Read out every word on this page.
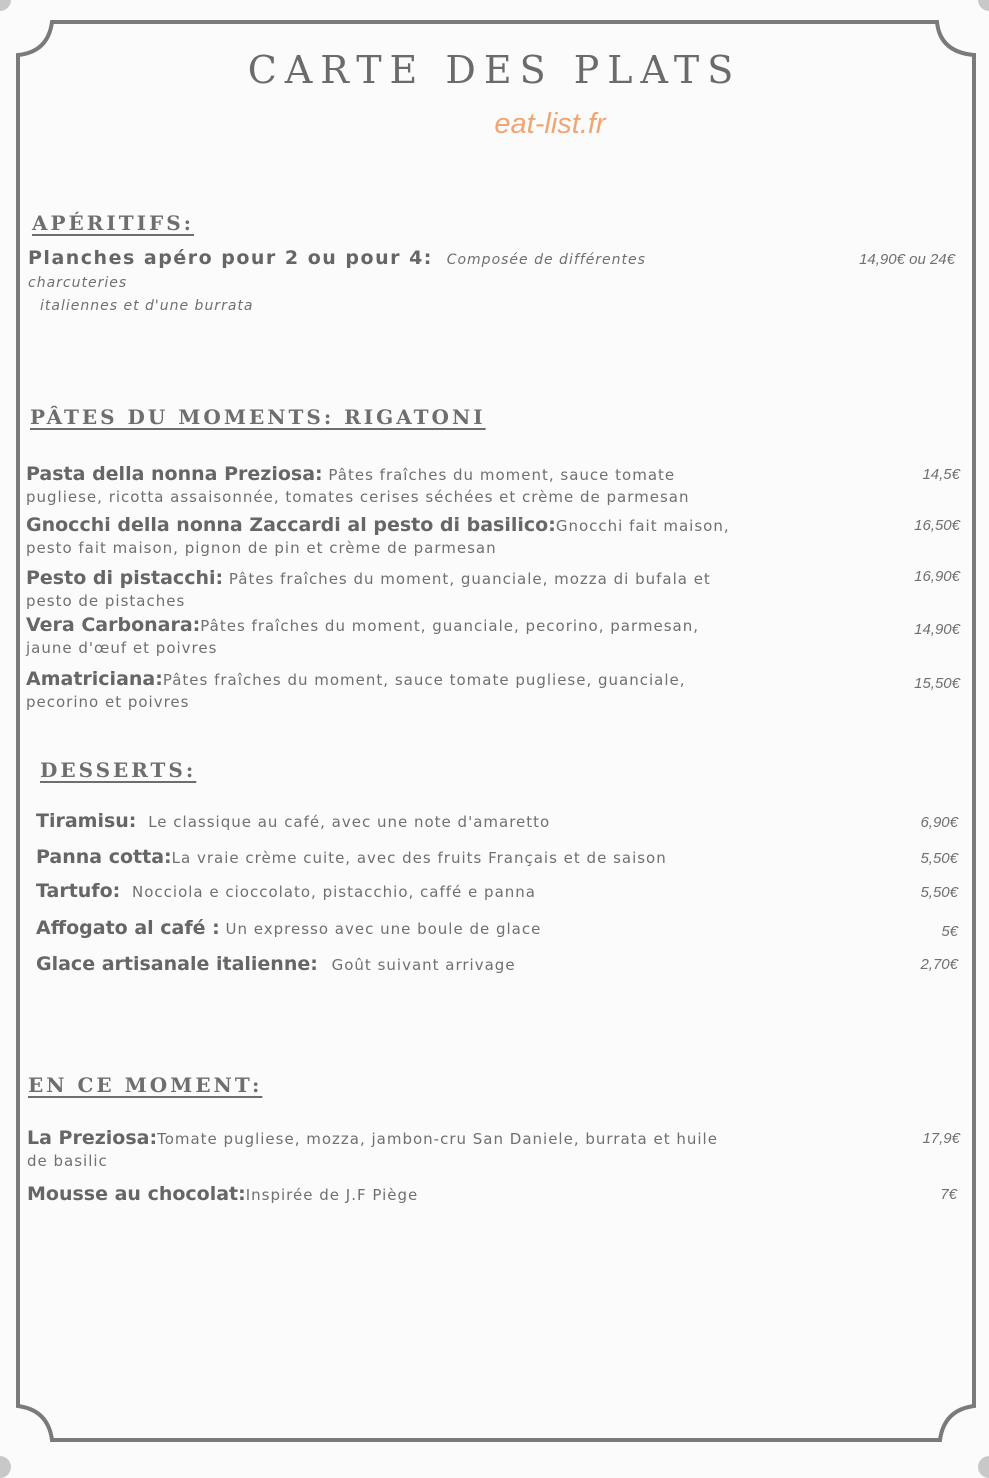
CARTE DES PLATS
eat-list.fr
APÉRITIFS:
Planches apéro pour 2 ou pour 4: Composée de différentes charcuteries
italiennes et d'une burrata
14,90€ ou 24€
PÂTES DU MOMENTS: RIGATONI
Pasta della nonna Preziosa: Pâtes fraîches du moment, sauce tomate
pugliese, ricotta assaisonnée, tomates cerises séchées et crème de parmesan
14,5€
Gnocchi della nonna Zaccardi al pesto di basilico:Gnocchi fait maison,
pesto fait maison, pignon de pin et crème de parmesan
16,50€
Pesto di pistacchi: Pâtes fraîches du moment, guanciale, mozza di bufala et
pesto de pistaches
16,90€
Vera Carbonara:Pâtes fraîches du moment, guanciale, pecorino, parmesan,
jaune d'œuf et poivres
14,90€
Amatriciana:Pâtes fraîches du moment, sauce tomate pugliese, guanciale,
pecorino et poivres
15,50€
DESSERTS:
Tiramisu: Le classique au café, avec une note d'amaretto	6,90€
Panna cotta:La vraie crème cuite, avec des fruits Français et de saison	5,50€
Tartufo: Nocciola e cioccolato, pistacchio, caffé e panna	5,50€
Affogato al café : Un expresso avec une boule de glace	5€
Glace artisanale italienne: Goût suivant arrivage	2,70€
EN CE MOMENT:
La Preziosa:Tomate pugliese, mozza, jambon-cru San Daniele, burrata et huile
de basilic
17,9€
Mousse au chocolat:Inspirée de J.F Piège	7€
